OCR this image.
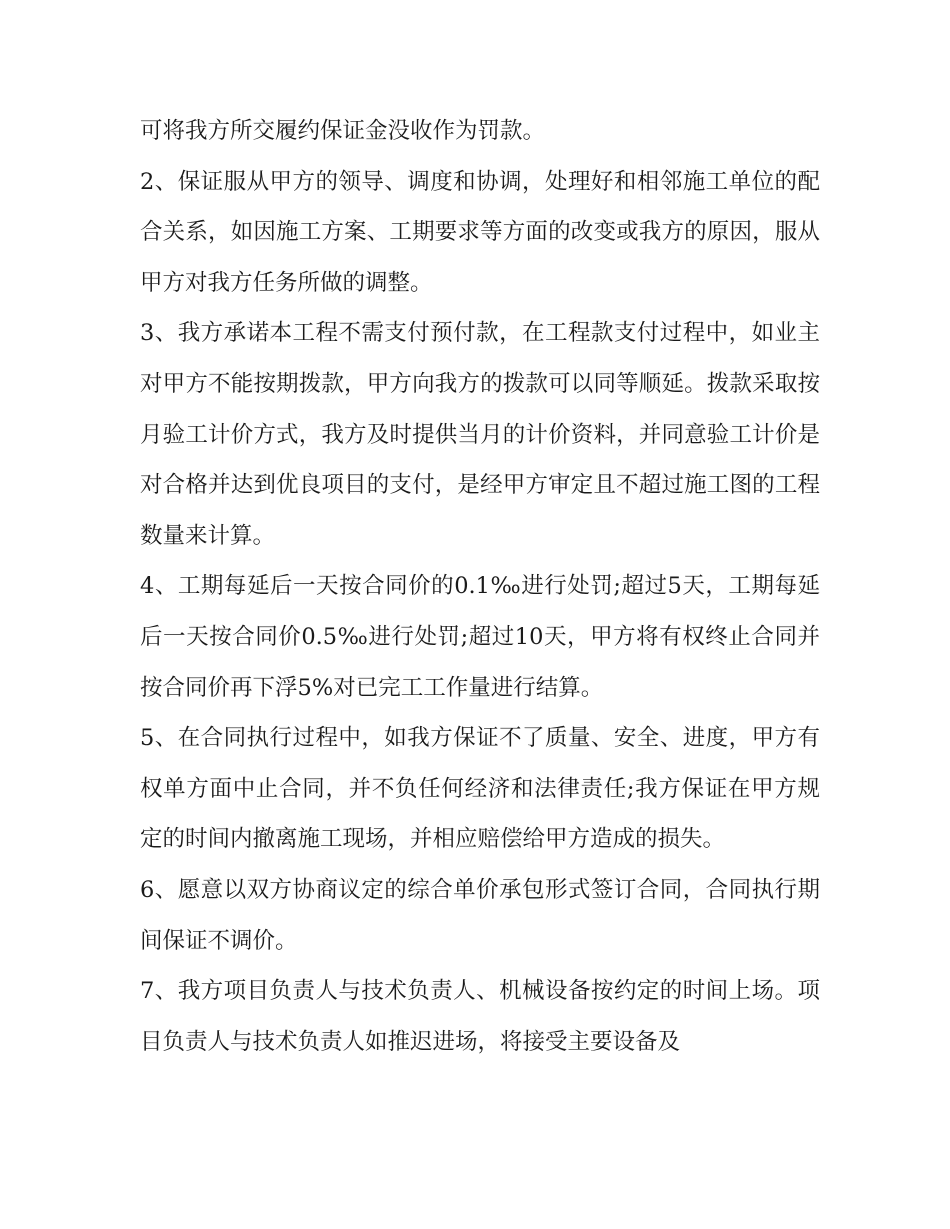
可将我方所交履约保证金没收作为罚款。

2、保证服从甲方的领导、调度和协调，处理好和相邻施工单位的配合关系，如因施工方案、工期要求等方面的改变或我方的原因，服从甲方对我方任务所做的调整。

3、我方承诺本工程不需支付预付款，在工程款支付过程中，如业主对甲方不能按期拨款，甲方向我方的拨款可以同等顺延。拨款采取按月验工计价方式，我方及时提供当月的计价资料，并同意验工计价是对合格并达到优良项目的支付，是经甲方审定且不超过施工图的工程数量来计算。

4、工期每延后一天按合同价的0.1‰进行处罚;超过5天，工期每延后一天按合同价0.5‰进行处罚;超过10天，甲方将有权终止合同并按合同价再下浮5%对已完工工作量进行结算。

5、在合同执行过程中，如我方保证不了质量、安全、进度，甲方有权单方面中止合同，并不负任何经济和法律责任;我方保证在甲方规定的时间内撤离施工现场，并相应赔偿给甲方造成的损失。

6、愿意以双方协商议定的综合单价承包形式签订合同，合同执行期间保证不调价。

7、我方项目负责人与技术负责人、机械设备按约定的时间上场。项目负责人与技术负责人如推迟进场，将接受主要设备及
